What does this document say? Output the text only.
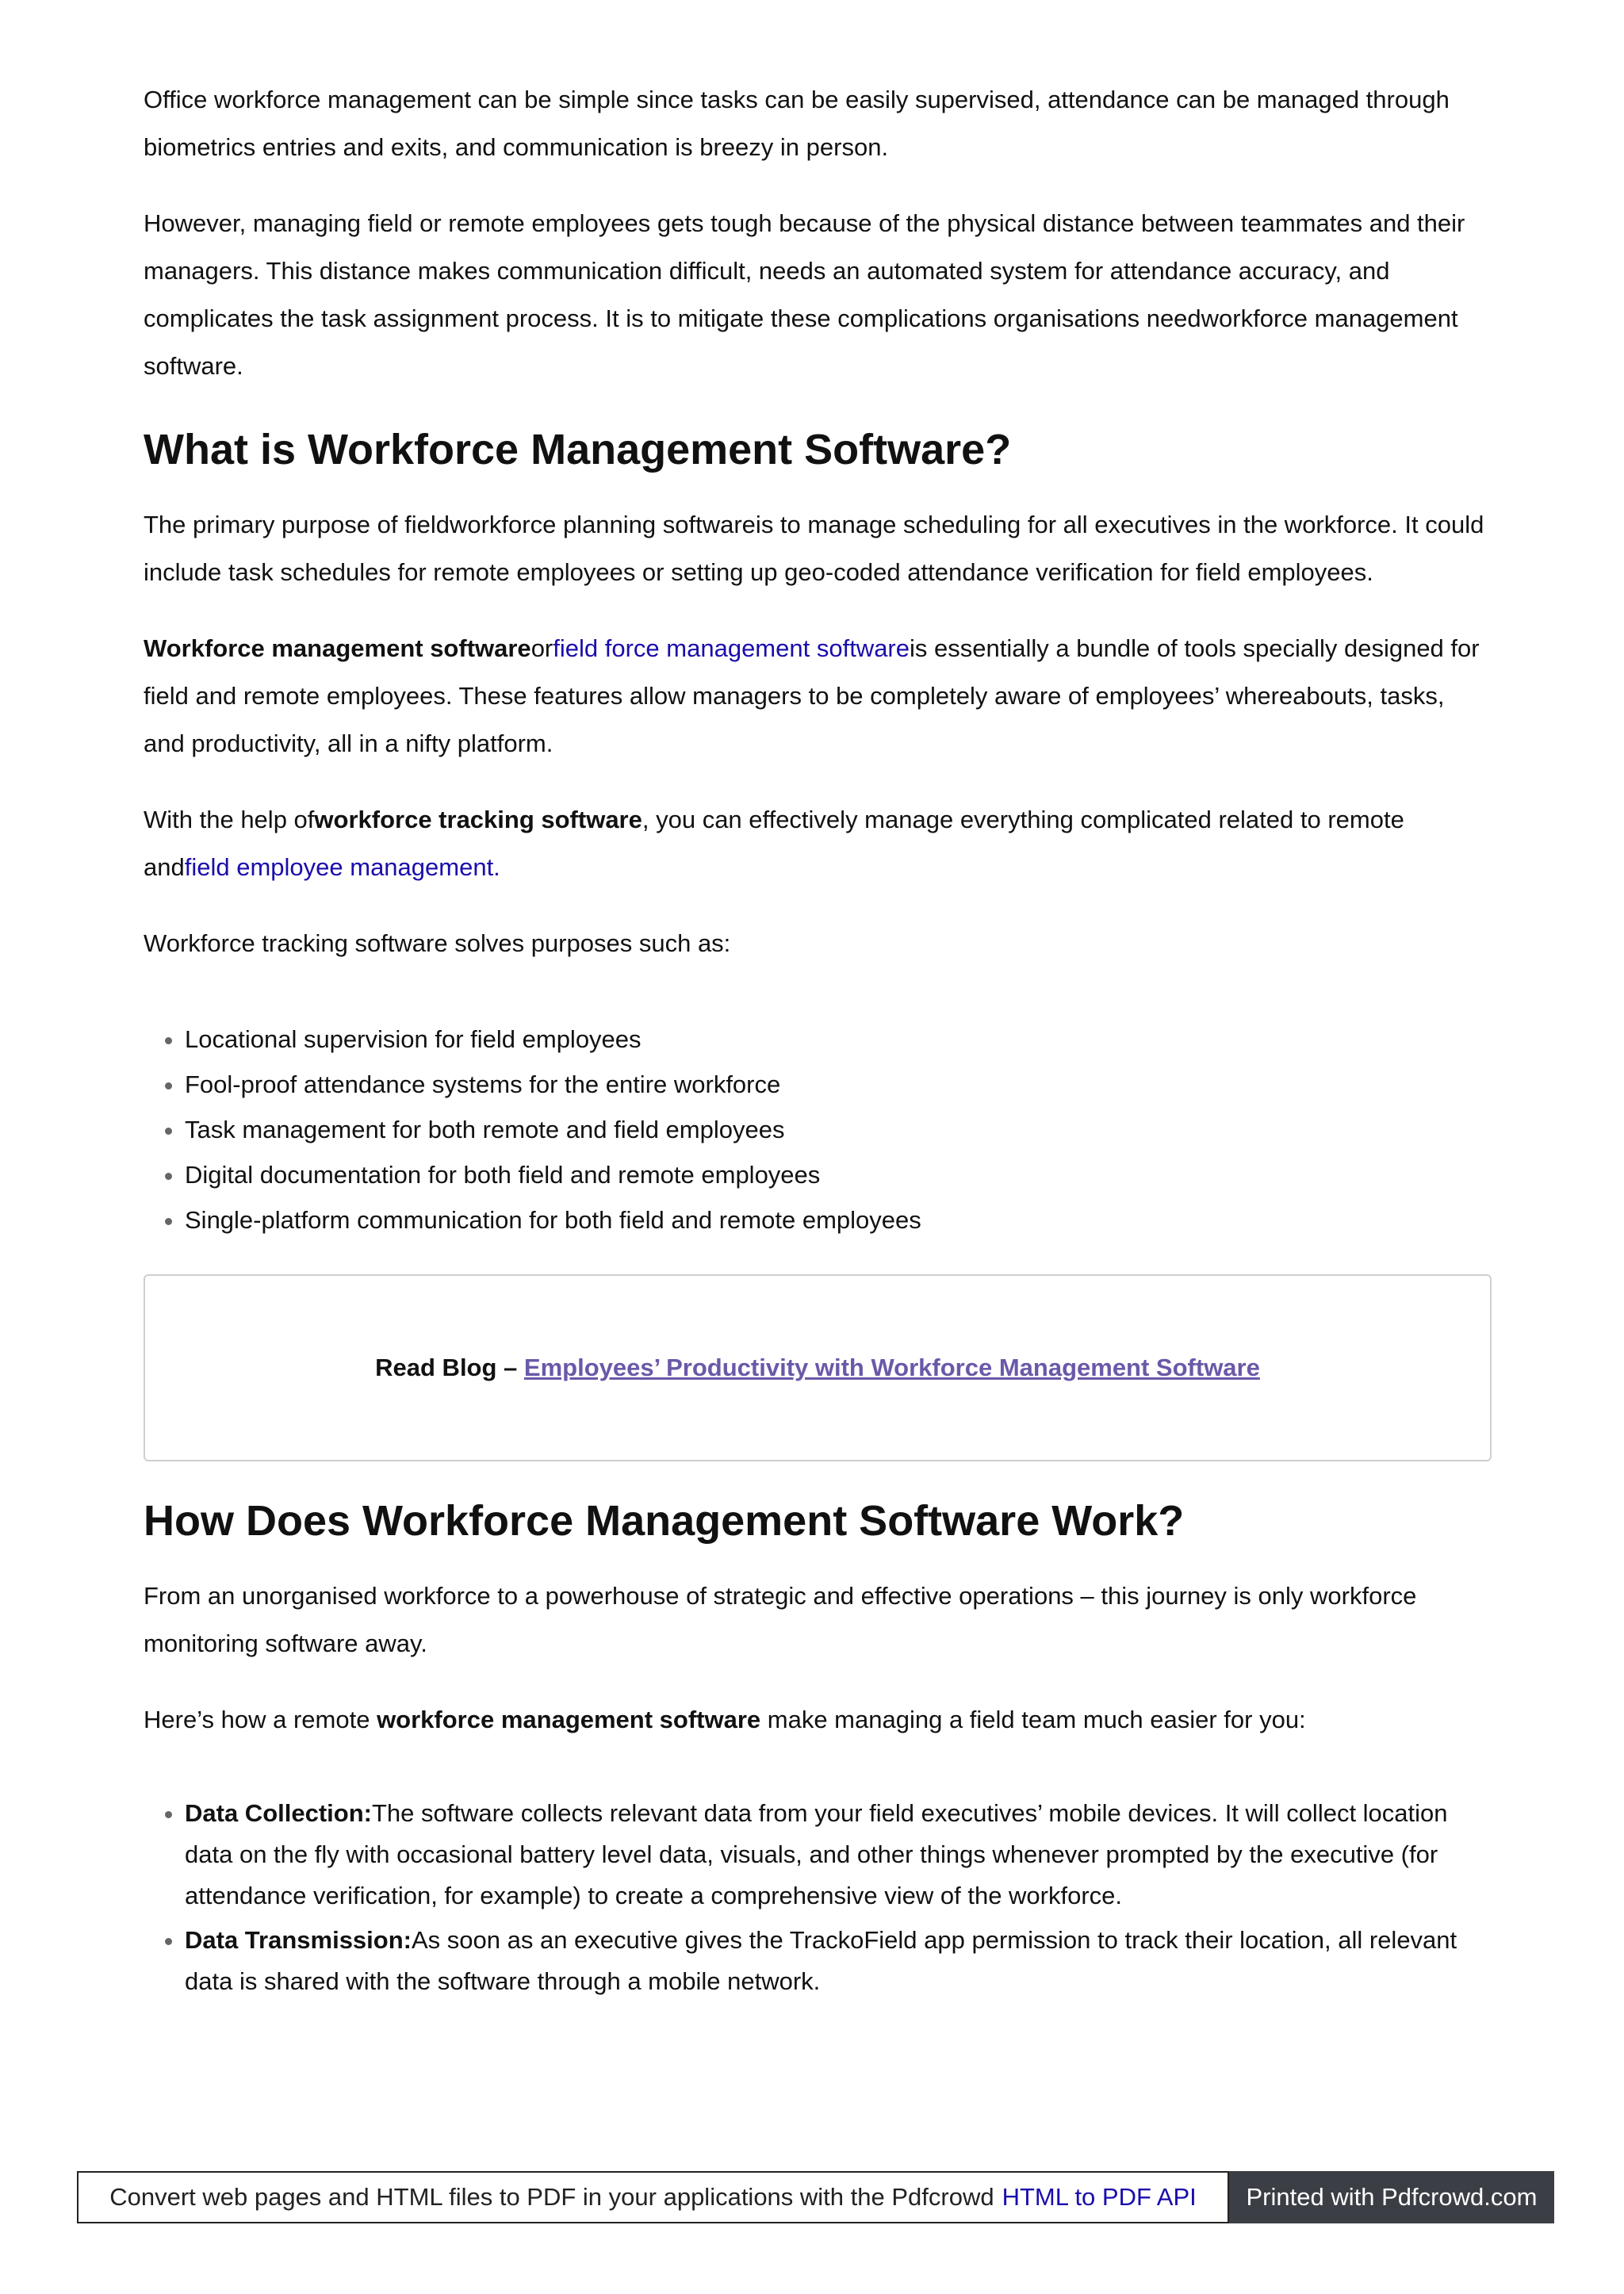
Office workforce management can be simple since tasks can be easily supervised, attendance can be managed through biometrics entries and exits, and communication is breezy in person.

However, managing field or remote employees gets tough because of the physical distance between teammates and their managers. This distance makes communication difficult, needs an automated system for attendance accuracy, and complicates the task assignment process. It is to mitigate these complications organisations needworkforce management software.

What is Workforce Management Software?

The primary purpose of fieldworkforce planning softwareis to manage scheduling for all executives in the workforce. It could include task schedules for remote employees or setting up geo-coded attendance verification for field employees.

Workforce management softwareorfield force management softwareis essentially a bundle of tools specially designed for field and remote employees. These features allow managers to be completely aware of employees’ whereabouts, tasks, and productivity, all in a nifty platform.

With the help ofworkforce tracking software, you can effectively manage everything complicated related to remote andfield employee management.

Workforce tracking software solves purposes such as:

• Locational supervision for field employees
• Fool-proof attendance systems for the entire workforce
• Task management for both remote and field employees
• Digital documentation for both field and remote employees
• Single-platform communication for both field and remote employees
Read Blog –
Employees’ Productivity with Workforce Management Software
How Does Workforce Management Software Work?

From an unorganised workforce to a powerhouse of strategic and effective operations – this journey is only workforce monitoring software away.

Here’s how a remote workforce management software make managing a field team much easier for you:

• Data Collection:The software collects relevant data from your field executives’ mobile devices. It will collect location data on the fly with occasional battery level data, visuals, and other things whenever prompted by the executive (for attendance verification, for example) to create a comprehensive view of the workforce.
• Data Transmission:As soon as an executive gives the TrackoField app permission to track their location, all relevant data is shared with the software through a mobile network.
Convert web pages and HTML files to PDF in your applications with the Pdfcrowd HTML to PDF API	Printed with Pdfcrowd.com
